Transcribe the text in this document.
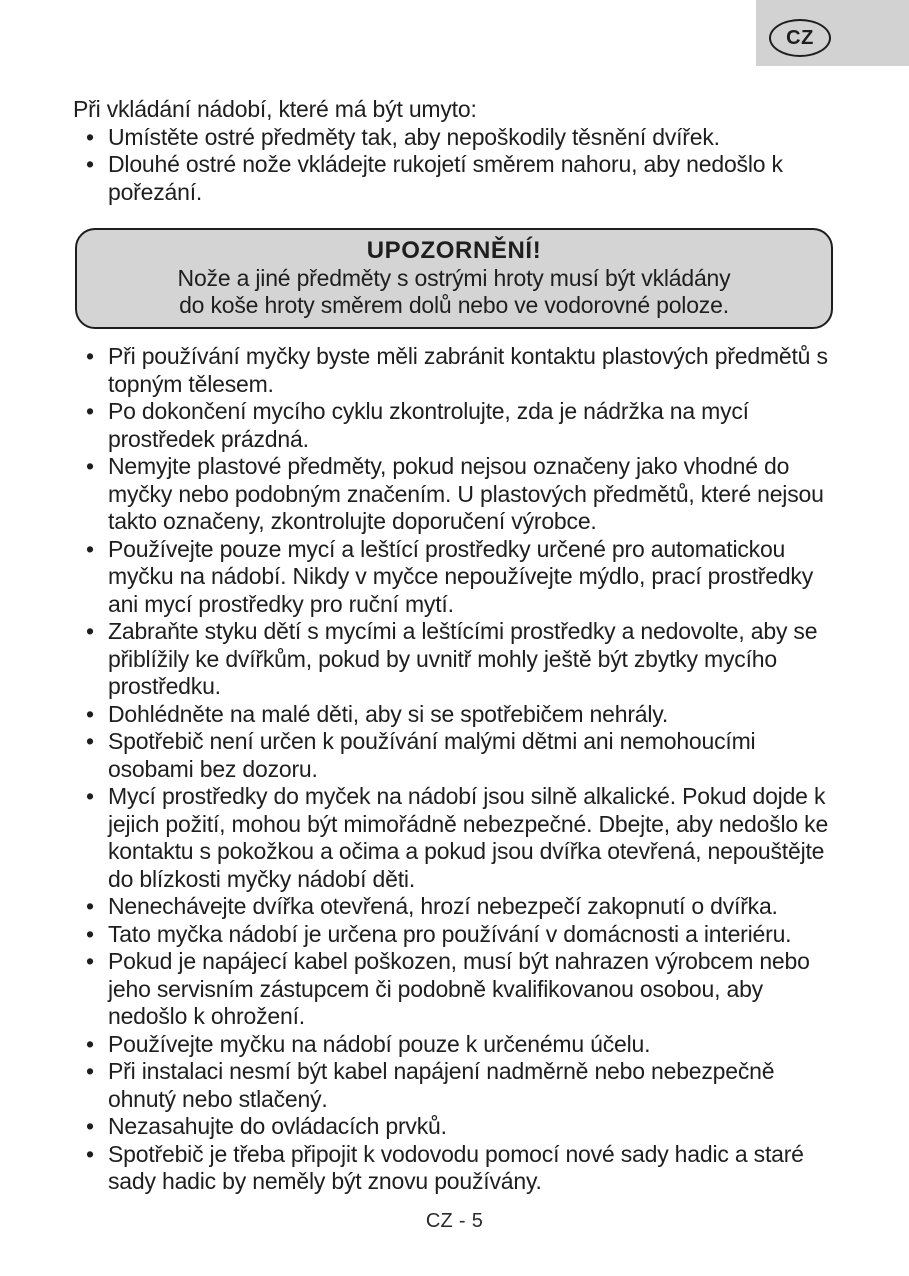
CZ

Při vkládání nádobí, které má být umyto:

• Umístěte ostré předměty tak, aby nepoškodily těsnění dvířek.
• Dlouhé ostré nože vkládejte rukojetí směrem nahoru, aby nedošlo k pořezání.
UPOZORNĚNÍ!
Nože a jiné předměty s ostrými hroty musí být vkládány
do koše hroty směrem dolů nebo ve vodorovné poloze.
• Při používání myčky byste měli zabránit kontaktu plastových předmětů s topným tělesem.
• Po dokončení mycího cyklu zkontrolujte, zda je nádržka na mycí prostředek prázdná.
• Nemyjte plastové předměty, pokud nejsou označeny jako vhodné do myčky nebo podobným značením. U plastových předmětů, které nejsou takto označeny, zkontrolujte doporučení výrobce.
• Používejte pouze mycí a leštící prostředky určené pro automatickou myčku na nádobí. Nikdy v myčce nepoužívejte mýdlo, prací prostředky ani mycí prostředky pro ruční mytí.
• Zabraňte styku dětí s mycími a leštícími prostředky a nedovolte, aby se přiblížily ke dvířkům, pokud by uvnitř mohly ještě být zbytky mycího prostředku.
• Dohlédněte na malé děti, aby si se spotřebičem nehrály.
• Spotřebič není určen k používání malými dětmi ani nemohoucími osobami bez dozoru.
• Mycí prostředky do myček na nádobí jsou silně alkalické. Pokud dojde k jejich požití, mohou být mimořádně nebezpečné. Dbejte, aby nedošlo ke kontaktu s pokožkou a očima a pokud jsou dvířka otevřená, nepouštějte do blízkosti myčky nádobí děti.
• Nenechávejte dvířka otevřená, hrozí nebezpečí zakopnutí o dvířka.
• Tato myčka nádobí je určena pro používání v domácnosti a interiéru.
• Pokud je napájecí kabel poškozen, musí být nahrazen výrobcem nebo jeho servisním zástupcem či podobně kvalifikovanou osobou, aby nedošlo k ohrožení.
• Používejte myčku na nádobí pouze k určenému účelu.
• Při instalaci nesmí být kabel napájení nadměrně nebo nebezpečně ohnutý nebo stlačený.
• Nezasahujte do ovládacích prvků.
• Spotřebič je třeba připojit k vodovodu pomocí nové sady hadic a staré sady hadic by neměly být znovu používány.
CZ - 5
